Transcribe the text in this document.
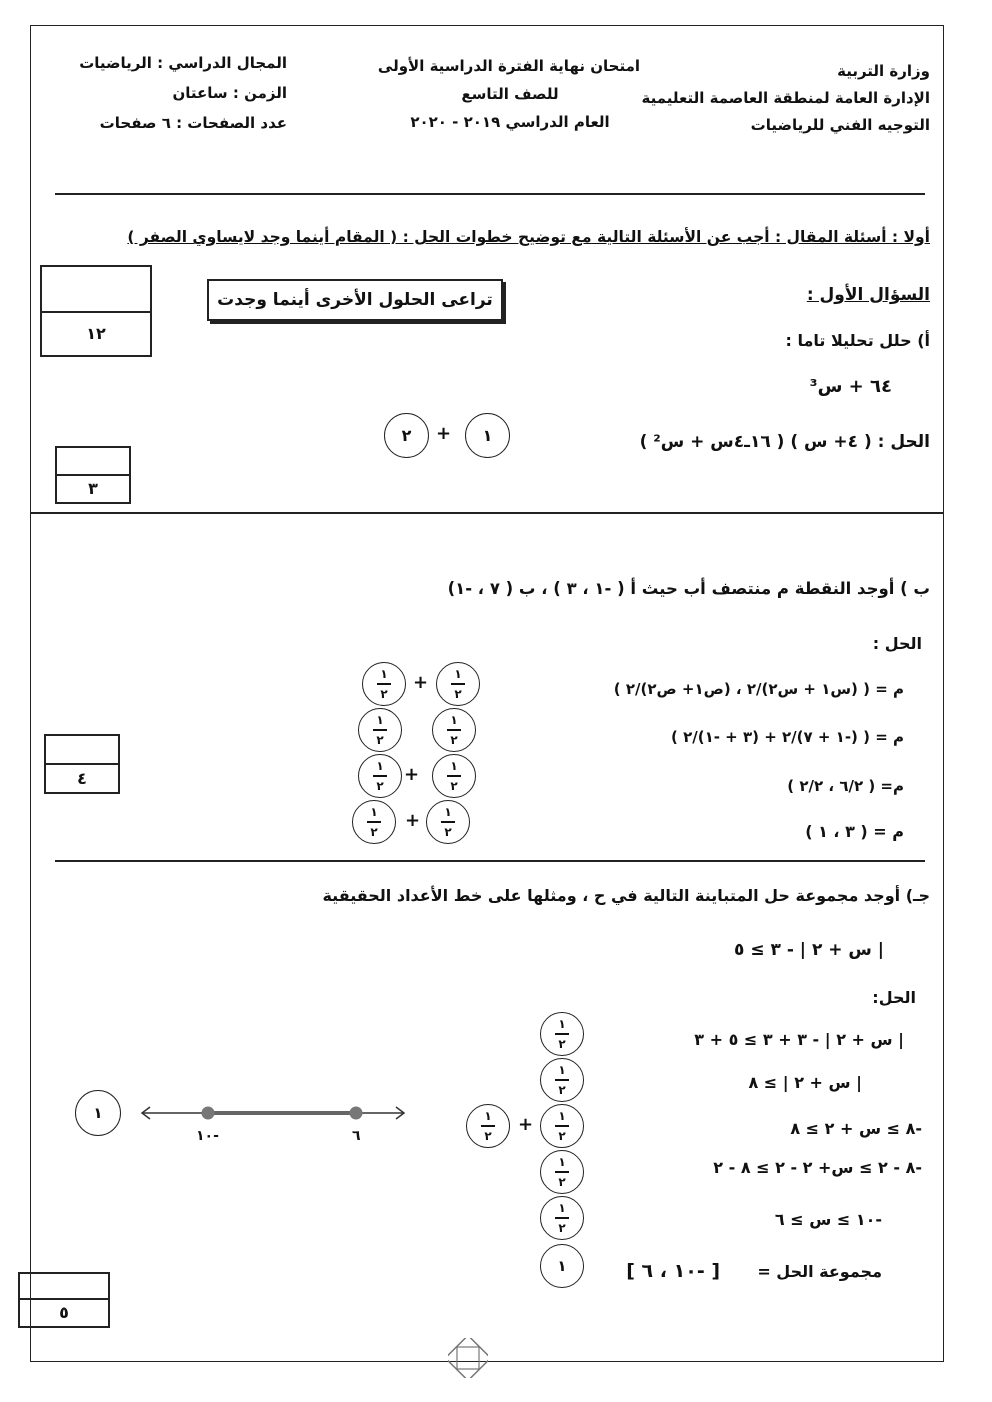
وزارة التربية
الإدارة العامة لمنطقة العاصمة التعليمية
التوجيه الفني للرياضيات
امتحان نهاية الفترة الدراسية الأولى
للصف التاسع
العام الدراسي ٢٠١٩ - ٢٠٢٠
المجال الدراسي : الرياضيات
الزمن : ساعتان
عدد الصفحات : ٦ صفحات
أولا : أسئلة المقال : أجب عن الأسئلة التالية مع توضيح خطوات الحل : ( المقام أينما وجد لايساوي الصفر )
السؤال الأول :
تراعى الحلول الأخرى أينما وجدت
١٢	أ) حلل تحليلا تاما :
٦٤ + س³
الحل : ( ٤+ س ) ( ١٦ـ٤س + س² )
١
+
٢
٣
ب ) أوجد النقطة م منتصف أب حيث أ ( -١ ، ٣ ) ، ب ( ٧ ، -١)
الحل :
م = ( (س١ + س٢)/٢ ، (ص١+ ص٢)/٢ )
م = ( (-١ + ٧)/٢ + (٣ + -١)/٢ )
م= ( ٦/٢ ، ٢/٢ )
م = ( ٣ ، ١ )
١
٢
+
١
٢
١
٢
١
٢
١
٢
+
١
٢
١
٢
+
١
٢
٤
جـ) أوجد مجموعة حل المتباينة التالية في ح ، ومثلها على خط الأعداد الحقيقية
| س + ٢ | - ٣ ≥ ٥
الحل:
| س + ٢ | - ٣ + ٣ ≥ ٥ + ٣
| س + ٢ | ≥ ٨
-٨ ≥ س + ٢ ≥ ٨
-٨ - ٢ ≥ س+ ٢ - ٢ ≥ ٨ - ٢
-١٠ ≥ س ≥ ٦
مجموعة الحل =
[ -١٠ ، ٦ ]
١
٢
١
٢
١
٢
+
١
٢
١
٢
١
٢
١
١
-١٠	٦
٥
